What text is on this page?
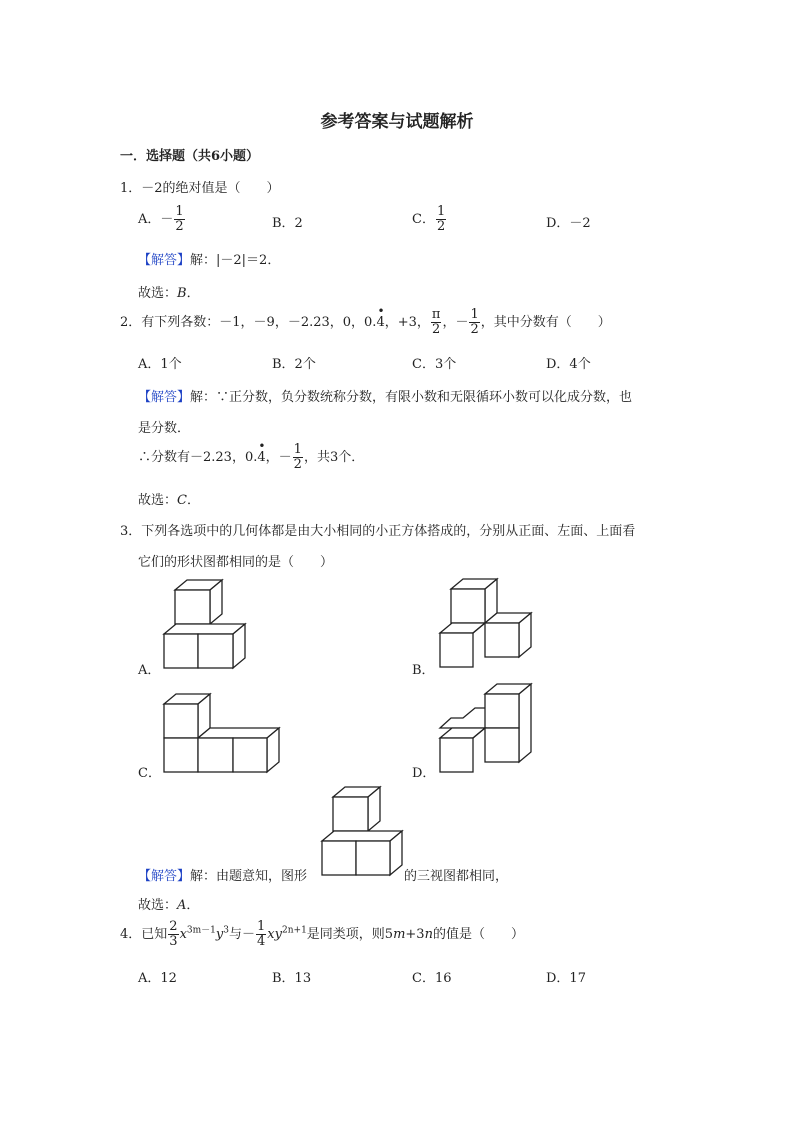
参考答案与试题解析
一．选择题（共6小题）
1．－2的绝对值是（　　）
A．－ $\frac{1}{2}$	B．2	C． $\frac{1}{2}$	D．－2
【解答】解：|－2|＝2．
故选：B．
2．有下列各数：－1，－9，－2.23，0，0.
•
4，+3， $\frac{\pi}{2}$ ，－ $\frac{1}{2}$ ，其中分数有（　　）
A．1个	B．2个	C．3个	D．4个
【解答】解：∵正分数，负分数统称分数，有限小数和无限循环小数可以化成分数，也
是分数．
∴分数有－2.23，0.
•
4，－ $\frac{1}{2}$ ，共3个．
故选：C．
3．下列各选项中的几何体都是由大小相同的小正方体搭成的，分别从正面、左面、上面看
它们的形状图都相同的是（　　）
A．	B．
C．	D．
【解答】解：由题意知，图形	的三视图都相同，
故选：A．
4．已知 $\frac{2}{3} x^{3m-1}y^3$与－ $\frac{1}{4} xy^{2n+1}$是同类项，则5m+3n的值是（　　）
A．12	B．13	C．16	D．17
